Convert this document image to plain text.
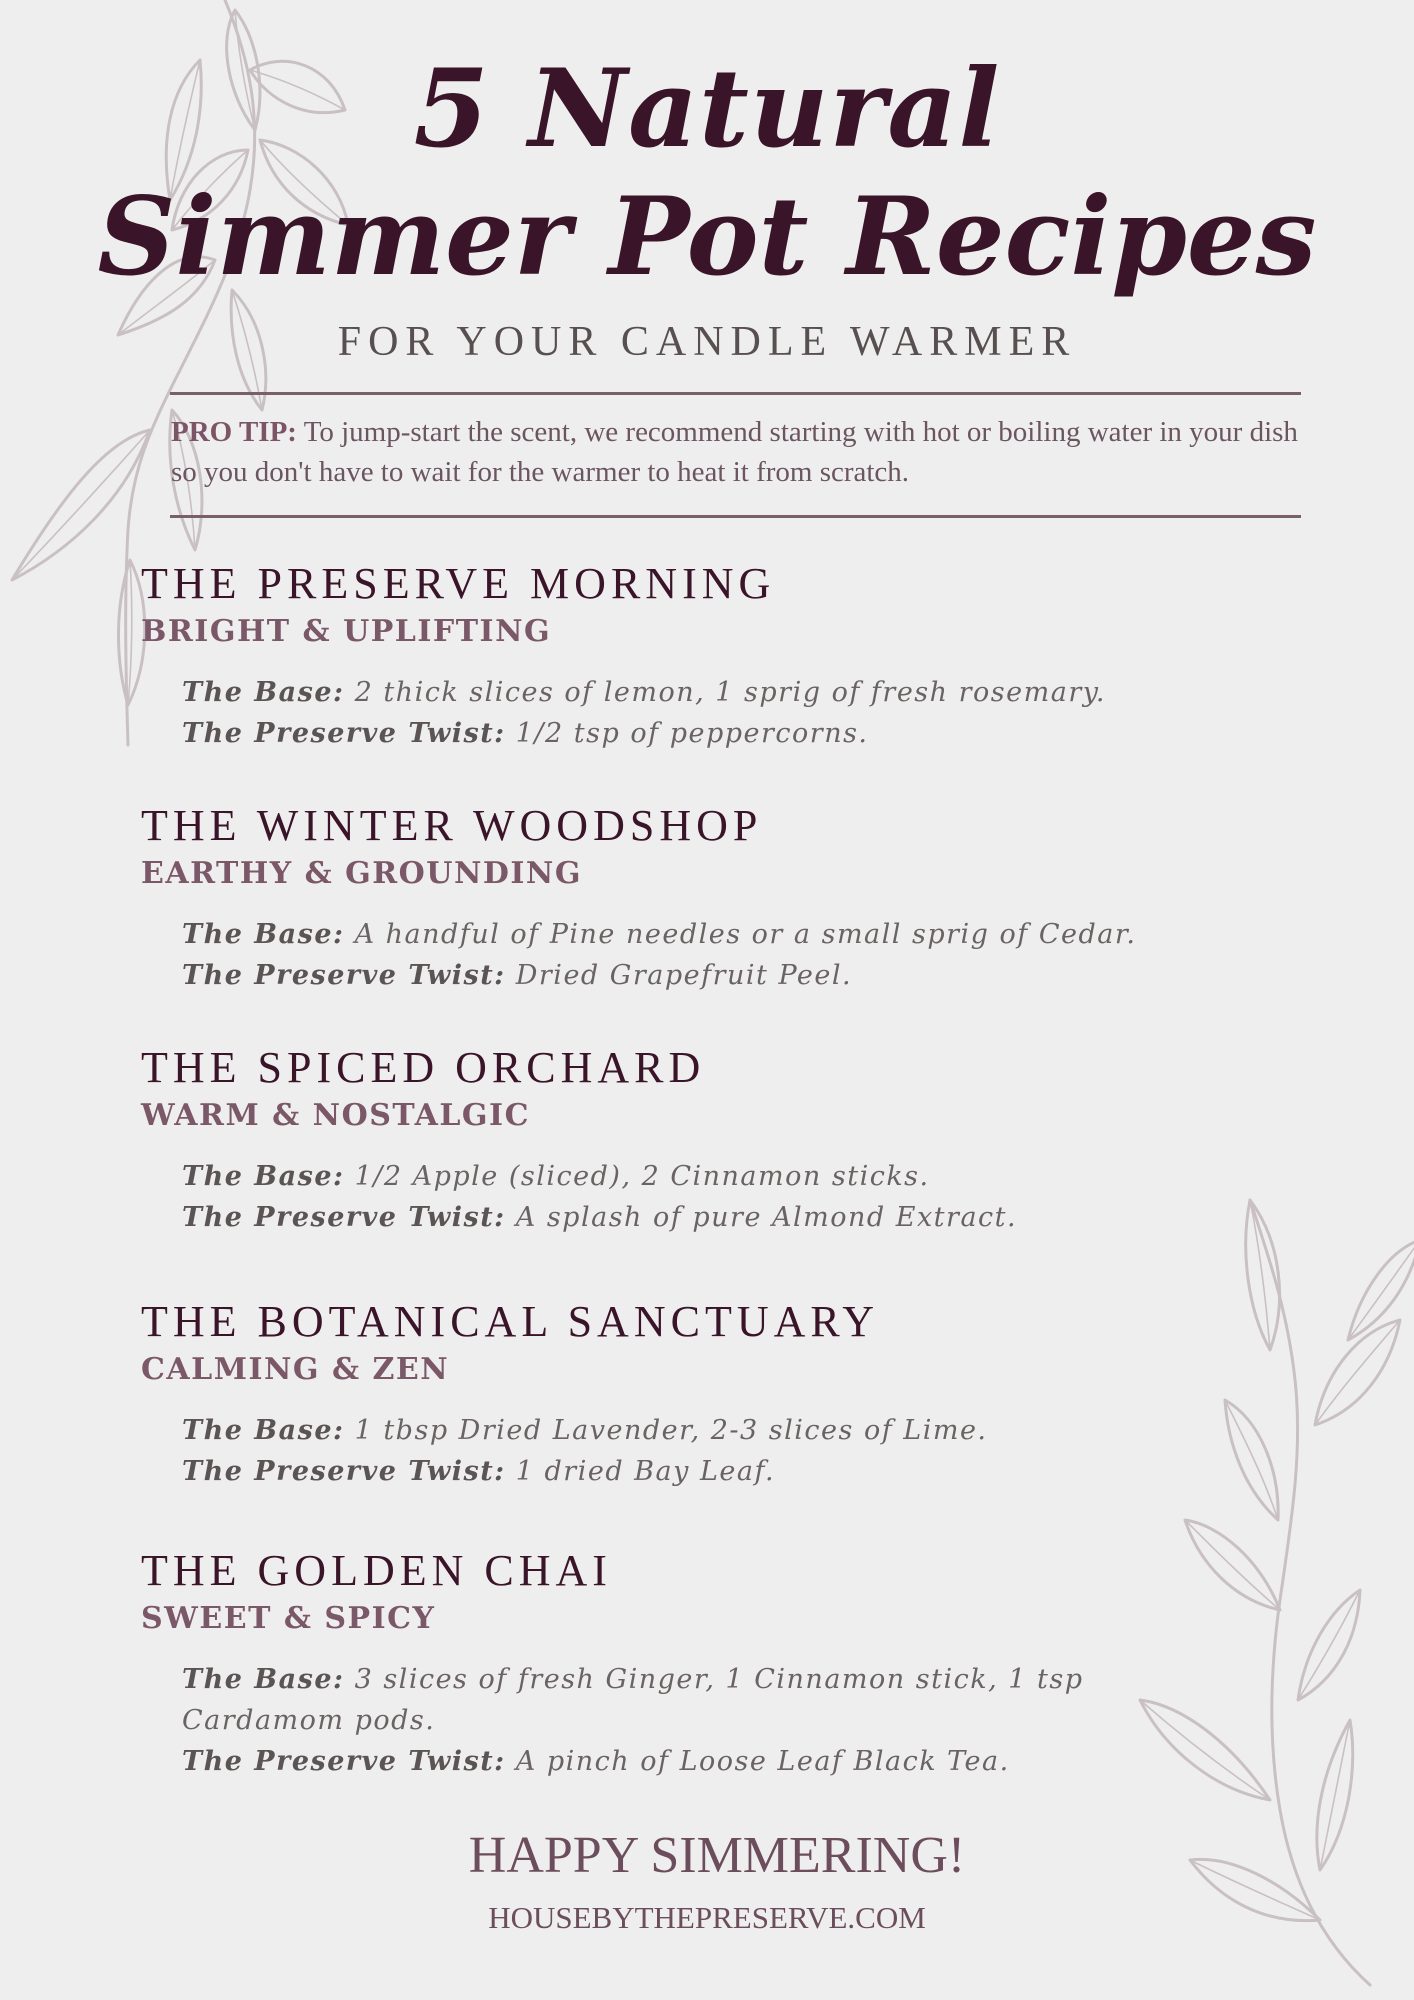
5 Natural
Simmer Pot Recipes
FOR YOUR CANDLE WARMER
PRO TIP: To jump-start the scent, we recommend starting with hot or boiling water in your dish so you don't have to wait for the warmer to heat it from scratch.
THE PRESERVE MORNING
BRIGHT & UPLIFTING
The Base: 2 thick slices of lemon, 1 sprig of fresh rosemary.
The Preserve Twist: 1/2 tsp of peppercorns.
THE WINTER WOODSHOP
EARTHY & GROUNDING
The Base: A handful of Pine needles or a small sprig of Cedar.
The Preserve Twist: Dried Grapefruit Peel.
THE SPICED ORCHARD
WARM & NOSTALGIC
The Base: 1/2 Apple (sliced), 2 Cinnamon sticks.
The Preserve Twist: A splash of pure Almond Extract.
THE BOTANICAL SANCTUARY
CALMING & ZEN
The Base: 1 tbsp Dried Lavender, 2-3 slices of Lime.
The Preserve Twist: 1 dried Bay Leaf.
THE GOLDEN CHAI
SWEET & SPICY
The Base: 3 slices of fresh Ginger, 1 Cinnamon stick, 1 tsp Cardamom pods.
The Preserve Twist: A pinch of Loose Leaf Black Tea.
HAPPY SIMMERING!
HOUSEBYTHEPRESERVE.COM
